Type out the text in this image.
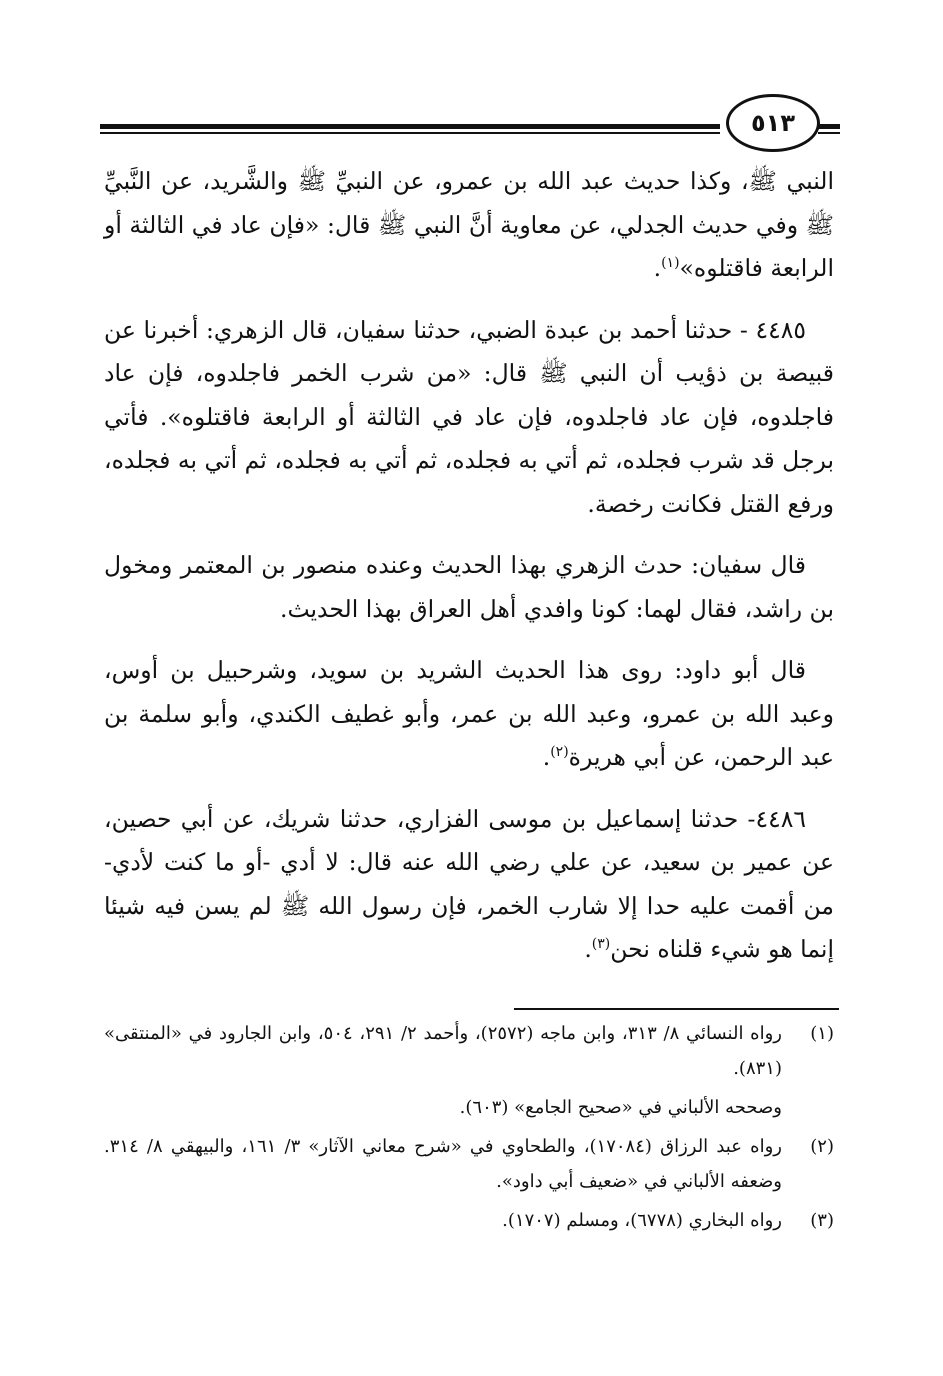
٥١٣

النبي ﷺ، وكذا حديث عبد الله بن عمرو، عن النبيِّ ﷺ والشَّريد، عن النَّبيِّ ﷺ وفي حديث الجدلي، عن معاوية أنَّ النبي ﷺ قال: «فإن عاد في الثالثة أو الرابعة فاقتلوه»$^{(١)}$.

٤٤٨٥ - حدثنا أحمد بن عبدة الضبي، حدثنا سفيان، قال الزهري: أخبرنا عن قبيصة بن ذؤيب أن النبي ﷺ قال: «من شرب الخمر فاجلدوه، فإن عاد فاجلدوه، فإن عاد فاجلدوه، فإن عاد في الثالثة أو الرابعة فاقتلوه». فأتي برجل قد شرب فجلده، ثم أتي به فجلده، ثم أتي به فجلده، ثم أتي به فجلده، ورفع القتل فكانت رخصة.

قال سفيان: حدث الزهري بهذا الحديث وعنده منصور بن المعتمر ومخول بن راشد، فقال لهما: كونا وافدي أهل العراق بهذا الحديث.

قال أبو داود: روى هذا الحديث الشريد بن سويد، وشرحبيل بن أوس، وعبد الله بن عمرو، وعبد الله بن عمر، وأبو غطيف الكندي، وأبو سلمة بن عبد الرحمن، عن أبي هريرة$^{(٢)}$.

٤٤٨٦- حدثنا إسماعيل بن موسى الفزاري، حدثنا شريك، عن أبي حصين، عن عمير بن سعيد، عن علي رضي الله عنه قال: لا أدي -أو ما كنت لأدي- من أقمت عليه حدا إلا شارب الخمر، فإن رسول الله ﷺ لم يسن فيه شيئا إنما هو شيء قلناه نحن$^{(٣)}$.

(١)
رواه النسائي ٨/ ٣١٣، وابن ماجه (٢٥٧٢)، وأحمد ٢/ ٢٩١، ٥٠٤، وابن الجارود في «المنتقى» (٨٣١).
وصححه الألباني في «صحيح الجامع» (٦٠٣).
(٢)
رواه عبد الرزاق (١٧٠٨٤)، والطحاوي في «شرح معاني الآثار» ٣/ ١٦١، والبيهقي ٨/ ٣١٤. وضعفه الألباني في «ضعيف أبي داود».
(٣)
رواه البخاري (٦٧٧٨)، ومسلم (١٧٠٧).
